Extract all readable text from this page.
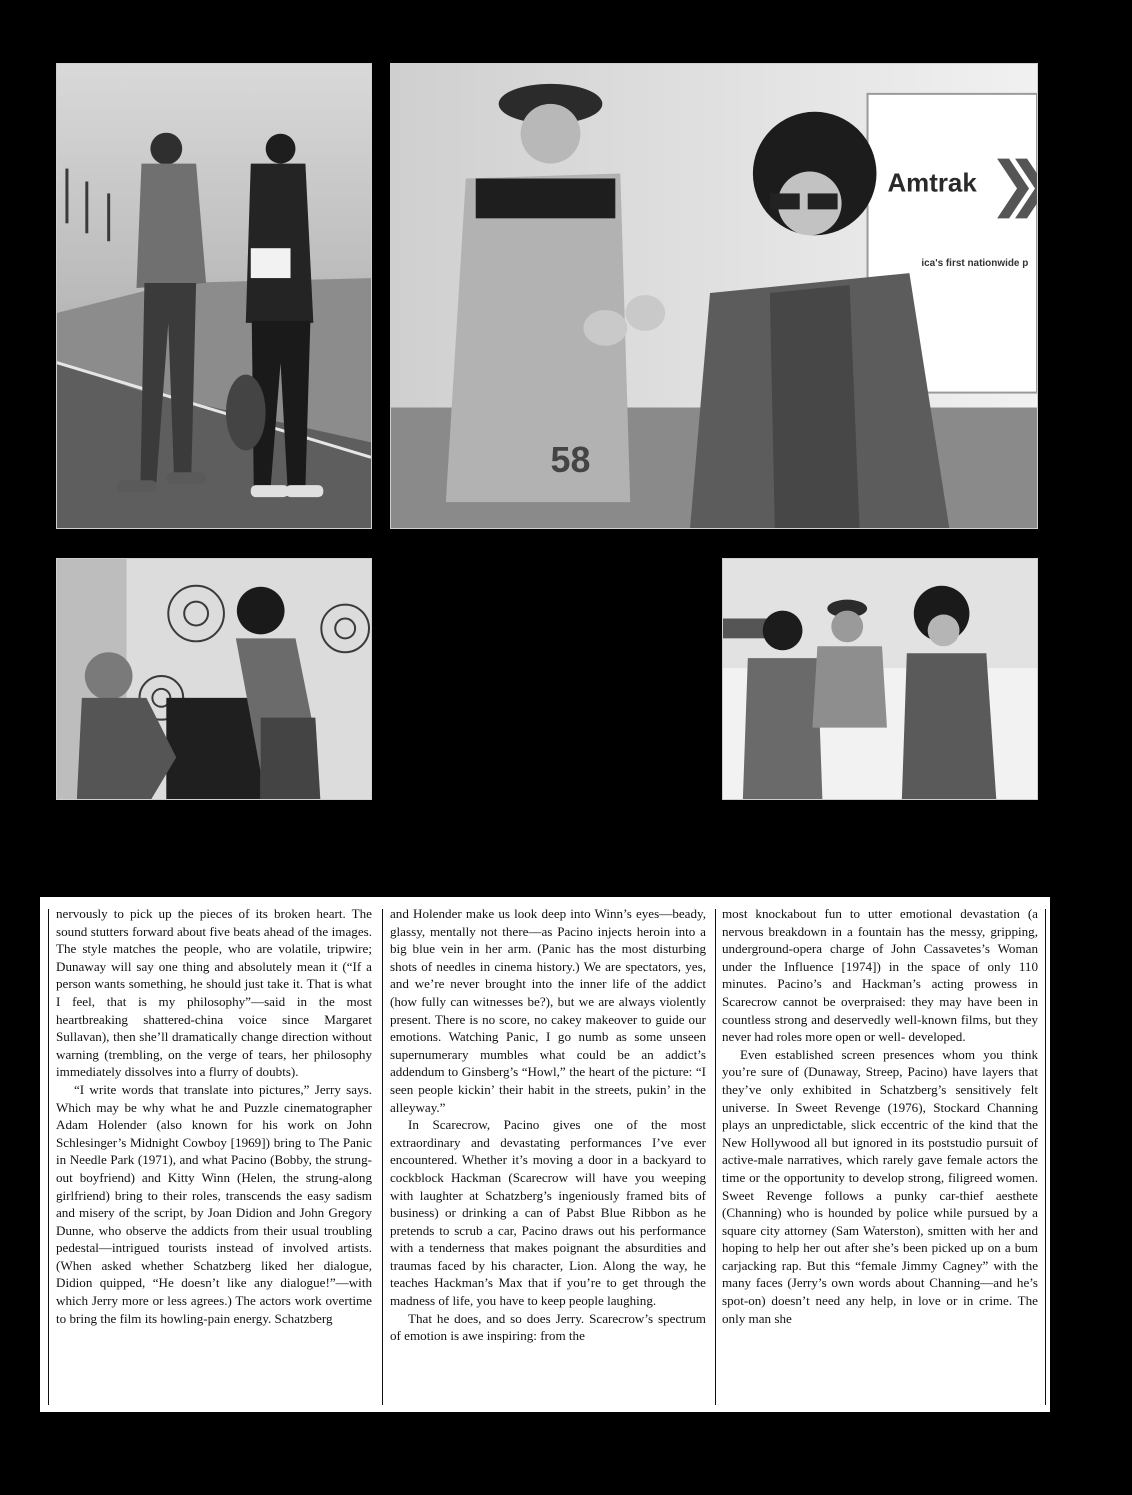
Amtrak
ica's first nationwide p
58

nervously to pick up the pieces of its broken heart. The sound stutters forward about five beats ahead of the images. The style matches the people, who are volatile, tripwire; Dunaway will say one thing and absolutely mean it (“If a person wants something, he should just take it. That is what I feel, that is my philosophy”—said in the most heartbreaking shattered-china voice since Margaret Sullavan), then she’ll dramatically change direction without warning (trembling, on the verge of tears, her philosophy immediately dissolves into a flurry of doubts).

“I write words that translate into pictures,” Jerry says. Which may be why what he and Puzzle cinematographer Adam Holender (also known for his work on John Schlesinger’s Midnight Cowboy [1969]) bring to The Panic in Needle Park (1971), and what Pacino (Bobby, the strung-out boyfriend) and Kitty Winn (Helen, the strung-along girlfriend) bring to their roles, transcends the easy sadism and misery of the script, by Joan Didion and John Gregory Dunne, who observe the addicts from their usual troubling pedestal—intrigued tourists instead of involved artists. (When asked whether Schatzberg liked her dialogue, Didion quipped, “He doesn’t like any dialogue!”—with which Jerry more or less agrees.) The actors work overtime to bring the film its howling-pain energy. Schatzberg

and Holender make us look deep into Winn’s eyes—beady, glassy, mentally not there—as Pacino injects heroin into a big blue vein in her arm. (Panic has the most disturbing shots of needles in cinema history.) We are spectators, yes, and we’re never brought into the inner life of the addict (how fully can witnesses be?), but we are always violently present. There is no score, no cakey makeover to guide our emotions. Watching Panic, I go numb as some unseen supernumerary mumbles what could be an addict’s addendum to Ginsberg’s “Howl,” the heart of the picture: “I seen people kickin’ their habit in the streets, pukin’ in the alleyway.”

In Scarecrow, Pacino gives one of the most extraordinary and devastating performances I’ve ever encountered. Whether it’s moving a door in a backyard to cockblock Hackman (Scarecrow will have you weeping with laughter at Schatzberg’s ingeniously framed bits of business) or drinking a can of Pabst Blue Ribbon as he pretends to scrub a car, Pacino draws out his performance with a tenderness that makes poignant the absurdities and traumas faced by his character, Lion. Along the way, he teaches Hackman’s Max that if you’re to get through the madness of life, you have to keep people laughing.

That he does, and so does Jerry. Scarecrow’s spectrum of emotion is awe inspiring: from the

most knockabout fun to utter emotional devastation (a nervous breakdown in a fountain has the messy, gripping, underground-opera charge of John Cassavetes’s Woman under the Influence [1974]) in the space of only 110 minutes. Pacino’s and Hackman’s acting prowess in Scarecrow cannot be overpraised: they may have been in countless strong and deservedly well-known films, but they never had roles more open or well- developed.

Even established screen presences whom you think you’re sure of (Dunaway, Streep, Pacino) have layers that they’ve only exhibited in Schatzberg’s sensitively felt universe. In Sweet Revenge (1976), Stockard Channing plays an unpredictable, slick eccentric of the kind that the New Hollywood all but ignored in its poststudio pursuit of active-male narratives, which rarely gave female actors the time or the opportunity to develop strong, filigreed women. Sweet Revenge follows a punky car-thief aesthete (Channing) who is hounded by police while pursued by a square city attorney (Sam Waterston), smitten with her and hoping to help her out after she’s been picked up on a bum carjacking rap. But this “female Jimmy Cagney” with the many faces (Jerry’s own words about Channing—and he’s spot-on) doesn’t need any help, in love or in crime. The only man she
